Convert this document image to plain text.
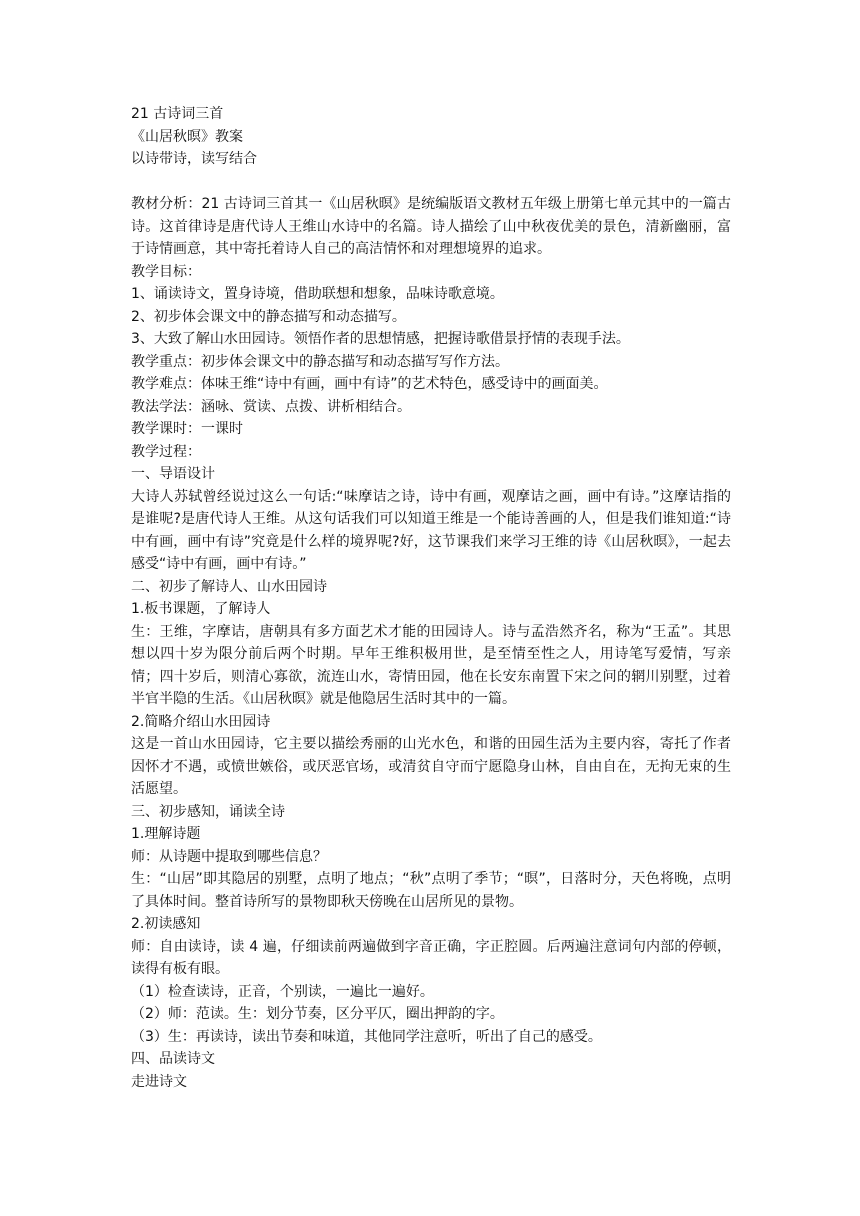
21 古诗词三首

《山居秋暝》教案

以诗带诗，读写结合

教材分析：21 古诗词三首其一《山居秋暝》是统编版语文教材五年级上册第七单元其中的一篇古诗。这首律诗是唐代诗人王维山水诗中的名篇。诗人描绘了山中秋夜优美的景色，清新幽丽，富于诗情画意，其中寄托着诗人自己的高洁情怀和对理想境界的追求。

教学目标：

1、诵读诗文，置身诗境，借助联想和想象，品味诗歌意境。

2、初步体会课文中的静态描写和动态描写。

3、大致了解山水田园诗。领悟作者的思想情感，把握诗歌借景抒情的表现手法。

教学重点：初步体会课文中的静态描写和动态描写写作方法。

教学难点：体味王维“诗中有画，画中有诗”的艺术特色，感受诗中的画面美。

教法学法：涵咏、赏读、点拨、讲析相结合。

教学课时：一课时

教学过程：

一、导语设计

大诗人苏轼曾经说过这么一句话:“味摩诘之诗，诗中有画，观摩诘之画，画中有诗。”这摩诘指的是谁呢?是唐代诗人王维。从这句话我们可以知道王维是一个能诗善画的人，但是我们谁知道:“诗中有画，画中有诗”究竟是什么样的境界呢?好，这节课我们来学习王维的诗《山居秋暝》，一起去感受“诗中有画，画中有诗。”

二、初步了解诗人、山水田园诗

1.板书课题，了解诗人

生：王维，字摩诘，唐朝具有多方面艺术才能的田园诗人。诗与孟浩然齐名，称为“王孟”。其思想以四十岁为限分前后两个时期。早年王维积极用世，是至情至性之人，用诗笔写爱情，写亲情；四十岁后，则清心寡欲，流连山水，寄情田园，他在长安东南置下宋之问的辋川别墅，过着半官半隐的生活。《山居秋暝》就是他隐居生活时其中的一篇。

2.简略介绍山水田园诗

这是一首山水田园诗，它主要以描绘秀丽的山光水色，和谐的田园生活为主要内容，寄托了作者因怀才不遇，或愤世嫉俗，或厌恶官场，或清贫自守而宁愿隐身山林，自由自在，无拘无束的生活愿望。

三、初步感知，诵读全诗

1.理解诗题

师：从诗题中提取到哪些信息？

生：“山居”即其隐居的别墅，点明了地点；“秋”点明了季节；“暝”，日落时分，天色将晚，点明了具体时间。整首诗所写的景物即秋天傍晚在山居所见的景物。

2.初读感知

师：自由读诗，读 4 遍，仔细读前两遍做到字音正确，字正腔圆。后两遍注意词句内部的停顿，读得有板有眼。

（1）检查读诗，正音，个别读，一遍比一遍好。

（2）师：范读。生：划分节奏，区分平仄，圈出押韵的字。

（3）生：再读诗，读出节奏和味道，其他同学注意听，听出了自己的感受。

四、品读诗文

走进诗文
